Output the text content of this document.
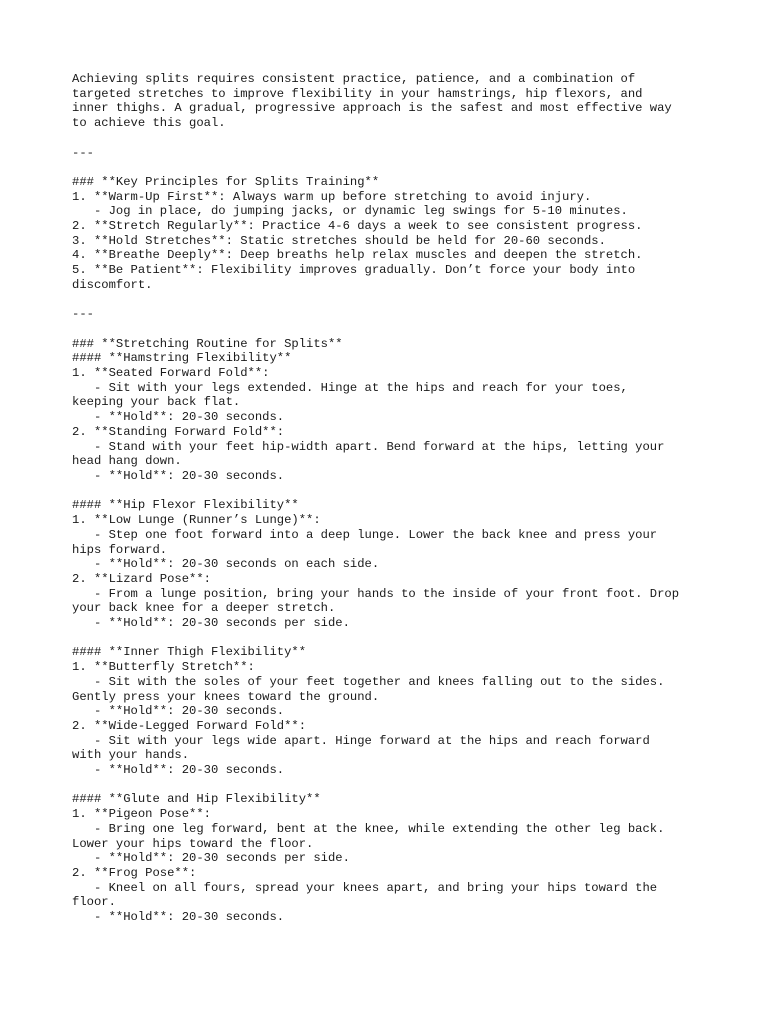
Achieving splits requires consistent practice, patience, and a combination of
targeted stretches to improve flexibility in your hamstrings, hip flexors, and
inner thighs. A gradual, progressive approach is the safest and most effective way
to achieve this goal.

---

### **Key Principles for Splits Training**
1. **Warm-Up First**: Always warm up before stretching to avoid injury.
- Jog in place, do jumping jacks, or dynamic leg swings for 5-10 minutes.
2. **Stretch Regularly**: Practice 4-6 days a week to see consistent progress.
3. **Hold Stretches**: Static stretches should be held for 20-60 seconds.
4. **Breathe Deeply**: Deep breaths help relax muscles and deepen the stretch.
5. **Be Patient**: Flexibility improves gradually. Don’t force your body into
discomfort.

---

### **Stretching Routine for Splits**
#### **Hamstring Flexibility**
1. **Seated Forward Fold**:
- Sit with your legs extended. Hinge at the hips and reach for your toes,
keeping your back flat.
- **Hold**: 20-30 seconds.
2. **Standing Forward Fold**:
- Stand with your feet hip-width apart. Bend forward at the hips, letting your
head hang down.
- **Hold**: 20-30 seconds.

#### **Hip Flexor Flexibility**
1. **Low Lunge (Runner’s Lunge)**:
- Step one foot forward into a deep lunge. Lower the back knee and press your
hips forward.
- **Hold**: 20-30 seconds on each side.
2. **Lizard Pose**:
- From a lunge position, bring your hands to the inside of your front foot. Drop
your back knee for a deeper stretch.
- **Hold**: 20-30 seconds per side.

#### **Inner Thigh Flexibility**
1. **Butterfly Stretch**:
- Sit with the soles of your feet together and knees falling out to the sides.
Gently press your knees toward the ground.
- **Hold**: 20-30 seconds.
2. **Wide-Legged Forward Fold**:
- Sit with your legs wide apart. Hinge forward at the hips and reach forward
with your hands.
- **Hold**: 20-30 seconds.

#### **Glute and Hip Flexibility**
1. **Pigeon Pose**:
- Bring one leg forward, bent at the knee, while extending the other leg back.
Lower your hips toward the floor.
- **Hold**: 20-30 seconds per side.
2. **Frog Pose**:
- Kneel on all fours, spread your knees apart, and bring your hips toward the
floor.
- **Hold**: 20-30 seconds.
